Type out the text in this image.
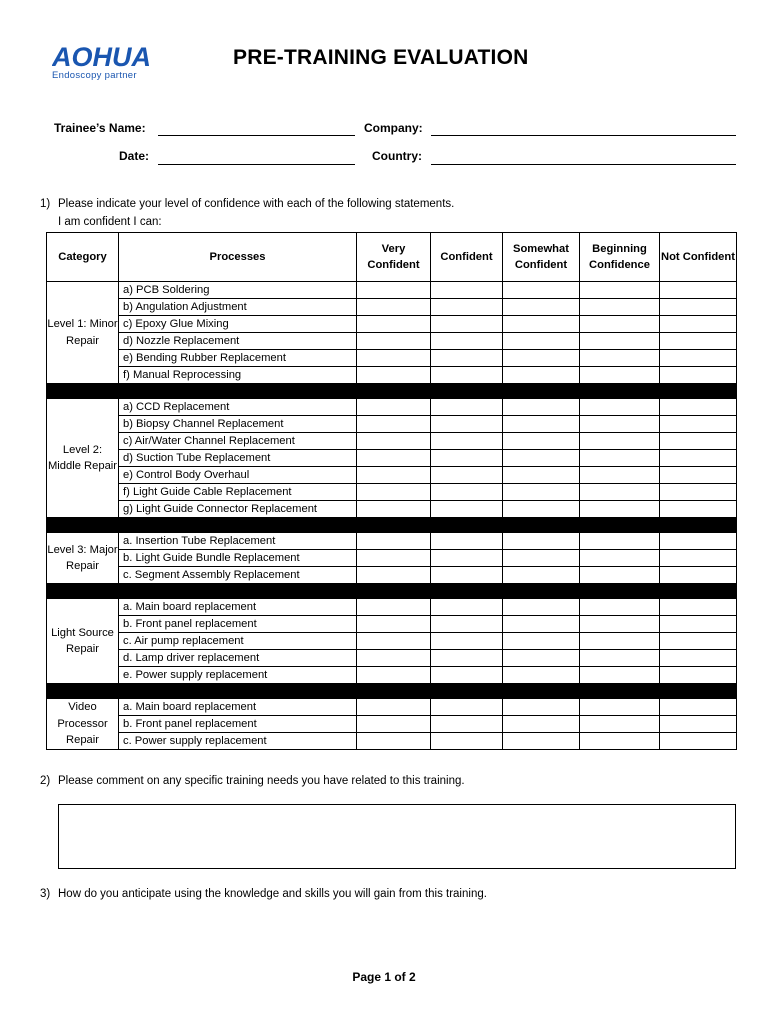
AOHUA
Endoscopy partner
PRE-TRAINING EVALUATION
Trainee’s Name:	Company:
Date:	Country:
1) Please indicate your level of confidence with each of the following statements.
I am confident I can:
Category	Processes	Very Confident	Confident	Somewhat Confident	Beginning Confidence	Not Confident
Level 1: Minor Repair	a) PCB Soldering					
	b) Angulation Adjustment					
	c) Epoxy Glue Mixing					
	d) Nozzle Replacement					
	e) Bending Rubber Replacement					
	f) Manual Reprocessing					

Level 2: Middle Repair	a) CCD Replacement					
	b) Biopsy Channel Replacement					
	c) Air/Water Channel Replacement					
	d) Suction Tube Replacement					
	e) Control Body Overhaul					
	f) Light Guide Cable Replacement					
	g) Light Guide Connector Replacement					

Level 3: Major Repair	a. Insertion Tube Replacement					
	b. Light Guide Bundle Replacement					
	c. Segment Assembly Replacement					

Light Source Repair	a. Main board replacement					
	b. Front panel replacement					
	c. Air pump replacement					
	d. Lamp driver replacement					
	e. Power supply replacement					

Video Processor Repair	a. Main board replacement					
	b. Front panel replacement					
	c. Power supply replacement					
2) Please comment on any specific training needs you have related to this training.
3) How do you anticipate using the knowledge and skills you will gain from this training.
Page 1 of 2
